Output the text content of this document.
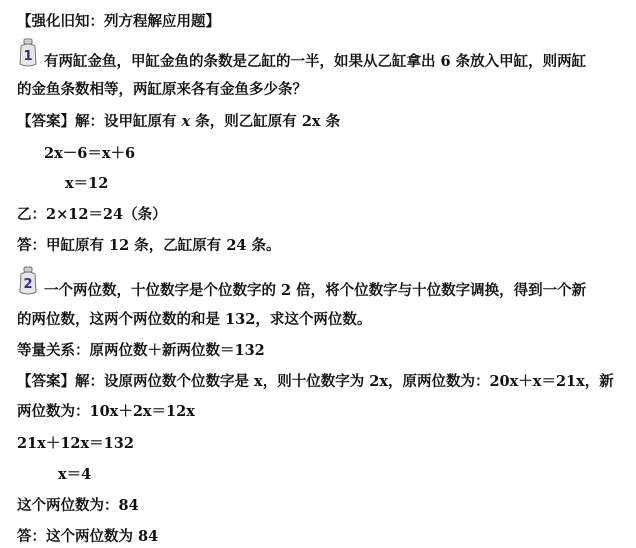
【强化旧知：列方程解应用题】
1 有两缸金鱼，甲缸金鱼的条数是乙缸的一半，如果从乙缸拿出 6 条放入甲缸，则两缸
的金鱼条数相等，两缸原来各有金鱼多少条？
【答案】解：设甲缸原有 x 条，则乙缸原有 2x 条
2x－6＝x＋6
x＝12
乙：2×12＝24（条）
答：甲缸原有 12 条，乙缸原有 24 条。
2 一个两位数，十位数字是个位数字的 2 倍，将个位数字与十位数字调换，得到一个新
的两位数，这两个两位数的和是 132，求这个两位数。
等量关系：原两位数＋新两位数＝132
【答案】解：设原两位数个位数字是 x，则十位数字为 2x，原两位数为：20x＋x＝21x，新
两位数为：10x＋2x＝12x
21x＋12x＝132
x＝4
这个两位数为：84
答：这个两位数为 84
